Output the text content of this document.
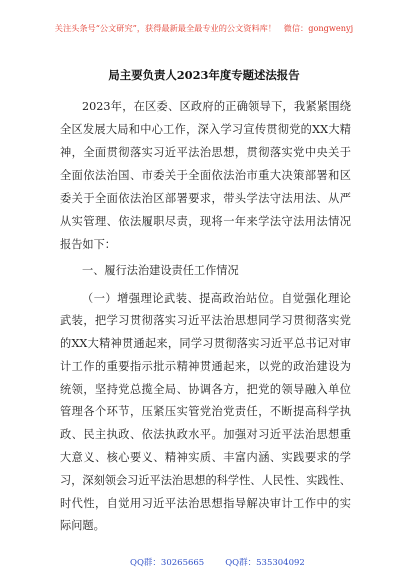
关注头条号“公文研究”，获得最新最全最专业的公文资料库！ 微信：gongwenyj
局主要负责人2023年度专题述法报告
2023年，在区委、区政府的正确领导下，我紧紧围绕
全区发展大局和中心工作，深入学习宣传贯彻党的XX大精
神，全面贯彻落实习近平法治思想，贯彻落实党中央关于
全面依法治国、市委关于全面依法治市重大决策部署和区
委关于全面依法治区部署要求，带头学法守法用法、从严
从实管理、依法履职尽责，现将一年来学法守法用法情况
报告如下：
一、履行法治建设责任工作情况
（一）增强理论武装、提高政治站位。自觉强化理论
武装，把学习贯彻落实习近平法治思想同学习贯彻落实党
的XX大精神贯通起来，同学习贯彻落实习近平总书记对审
计工作的重要指示批示精神贯通起来，以党的政治建设为
统领，坚持党总揽全局、协调各方，把党的领导融入单位
管理各个环节，压紧压实管党治党责任，不断提高科学执
政、民主执政、依法执政水平。加强对习近平法治思想重
大意义、核心要义、精神实质、丰富内涵、实践要求的学
习，深刻领会习近平法治思想的科学性、人民性、实践性、
时代性，自觉用习近平法治思想指导解决审计工作中的实
际问题。
QQ群：30265665 QQ群：535304092
